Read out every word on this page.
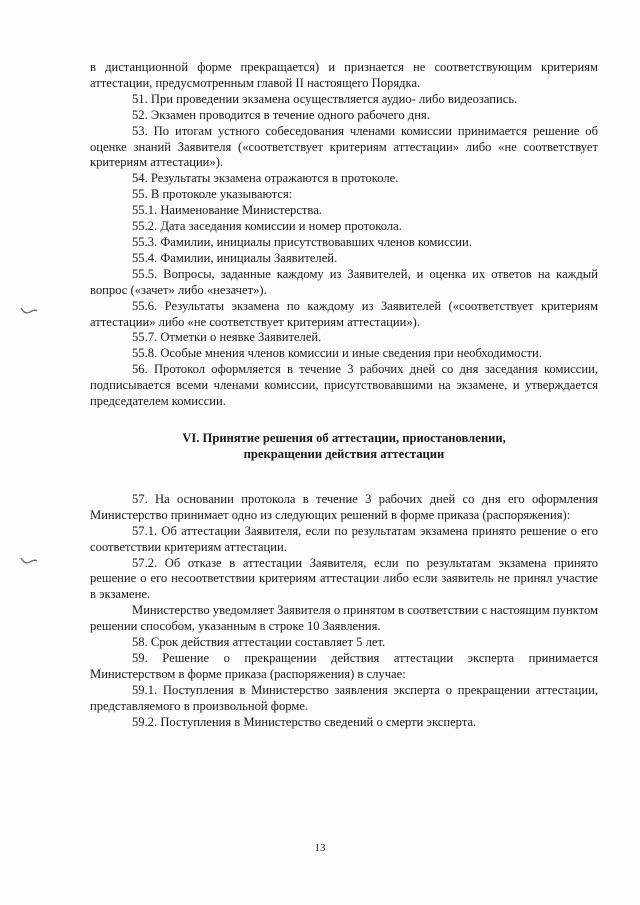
в дистанционной форме прекращается) и признается не соответствующим критериям аттестации, предусмотренным главой II настоящего Порядка.

51. При проведении экзамена осуществляется аудио- либо видеозапись.

52. Экзамен проводится в течение одного рабочего дня.

53. По итогам устного собеседования членами комиссии принимается решение об оценке знаний Заявителя («соответствует критериям аттестации» либо «не соответствует критериям аттестации»).

54. Результаты экзамена отражаются в протоколе.

55. В протоколе указываются:

55.1. Наименование Министерства.

55.2. Дата заседания комиссии и номер протокола.

55.3. Фамилии, инициалы присутствовавших членов комиссии.

55.4. Фамилии, инициалы Заявителей.

55.5. Вопросы, заданные каждому из Заявителей, и оценка их ответов на каждый вопрос («зачет» либо «незачет»).

55.6. Результаты экзамена по каждому из Заявителей («соответствует критериям аттестации» либо «не соответствует критериям аттестации»).

55.7. Отметки о неявке Заявителей.

55.8. Особые мнения членов комиссии и иные сведения при необходимости.

56. Протокол оформляется в течение 3 рабочих дней со дня заседания комиссии, подписывается всеми членами комиссии, присутствовавшими на экзамене, и утверждается председателем комиссии.

VI. Принятие решения об аттестации, приостановлении,
прекращении действия аттестации

57. На основании протокола в течение 3 рабочих дней со дня его оформления Министерство принимает одно из следующих решений в форме приказа (распоряжения):

57.1. Об аттестации Заявителя, если по результатам экзамена принято решение о его соответствии критериям аттестации.

57.2. Об отказе в аттестации Заявителя, если по результатам экзамена принято решение о его несоответствии критериям аттестации либо если заявитель не принял участие в экзамене.

Министерство уведомляет Заявителя о принятом в соответствии с настоящим пунктом решении способом, указанным в строке 10 Заявления.

58. Срок действия аттестации составляет 5 лет.

59. Решение о прекращении действия аттестации эксперта принимается Министерством в форме приказа (распоряжения) в случае:

59.1. Поступления в Министерство заявления эксперта о прекращении аттестации, представляемого в произвольной форме.

59.2. Поступления в Министерство сведений о смерти эксперта.

13
